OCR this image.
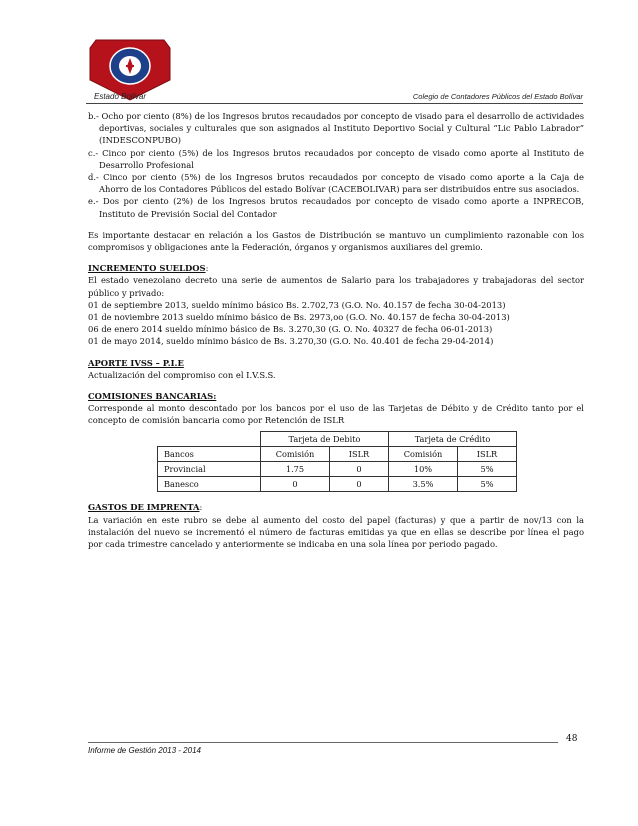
Estado Bolívar	Colegio de Contadores Públicos del Estado Bolívar

b.- Ocho por ciento (8%) de los Ingresos brutos recaudados por concepto de visado para el desarrollo de actividades deportivas, sociales y culturales que son asignados al Instituto Deportivo Social y Cultural “Lic Pablo Labrador” (INDESCONPUBO)

c.- Cinco por ciento (5%) de los Ingresos brutos recaudados por concepto de visado como aporte al Instituto de Desarrollo Profesional

d.- Cinco por ciento (5%) de los Ingresos brutos recaudados por concepto de visado como aporte a la Caja de Ahorro de los Contadores Públicos del estado Bolívar (CACEBOLIVAR) para ser distribuidos entre sus asociados.

e.- Dos por ciento (2%) de los Ingresos brutos recaudados por concepto de visado como aporte a INPRECOB, Instituto de Previsión Social del Contador

Es importante destacar en relación a los Gastos de Distribución se mantuvo un cumplimiento razonable con los compromisos y obligaciones ante la Federación, órganos y organismos auxiliares del gremio.

INCREMENTO SUELDOS:

El estado venezolano decreto una serie de aumentos de Salario para los trabajadores y trabajadoras del sector público y privado:

01 de septiembre 2013, sueldo mínimo básico Bs. 2.702,73 (G.O. No. 40.157 de fecha 30-04-2013)

01 de noviembre 2013 sueldo mínimo básico de Bs. 2973,oo (G.O. No. 40.157 de fecha 30-04-2013)

06 de enero 2014 sueldo mínimo básico de Bs. 3.270,30 (G. O. No. 40327 de fecha 06-01-2013)

01 de mayo 2014, sueldo mínimo básico de Bs. 3.270,30 (G.O. No. 40.401 de fecha 29-04-2014)

APORTE IVSS – P.I.E

Actualización del compromiso con el I.V.S.S.

COMISIONES BANCARIAS:

Corresponde al monto descontado por los bancos por el uso de las Tarjetas de Débito y de Crédito tanto por el concepto de comisión bancaria como por Retención de ISLR

	Tarjeta de Debito		Tarjeta de Crédito	
Bancos	Comisión	ISLR	Comisión	ISLR
Provincial	1.75	0	10%	5%
Banesco	0	0	3.5%	5%

GASTOS DE IMPRENTA:

La variación en este rubro se debe al aumento del costo del papel (facturas) y que a partir de nov/13 con la instalación del nuevo se incrementó el número de facturas emitidas ya que en ellas se describe por línea el pago por cada trimestre cancelado y anteriormente se indicaba en una sola línea por periodo pagado.

48
Informe de Gestión 2013 - 2014
